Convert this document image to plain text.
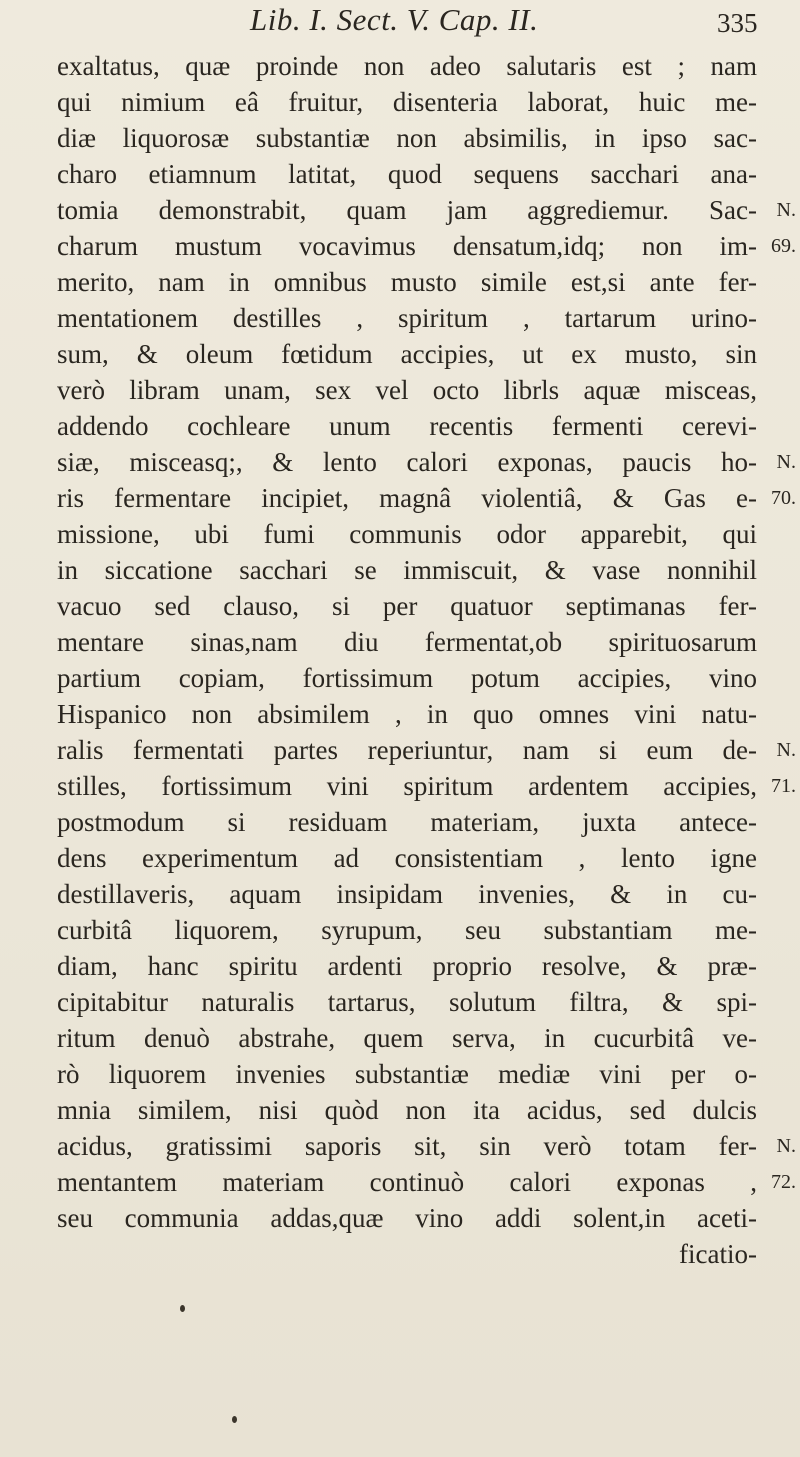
Lib. I. Sect. V. Cap. II.	335
exaltatus, quæ proinde non adeo salutaris est ; nam
qui nimium eâ fruitur, disenteria laborat, huic me-
diæ liquorosæ substantiæ non absimilis, in ipso sac-
charo etiamnum latitat, quod sequens sacchari ana-
tomia demonstrabit, quam jam aggrediemur. Sac-
charum mustum vocavimus densatum,idq; non im-
merito, nam in omnibus musto simile est,si ante fer-
mentationem destilles , spiritum , tartarum urino-
sum, & oleum fœtidum accipies, ut ex musto, sin
verò libram unam, sex vel octo librls aquæ misceas,
addendo cochleare unum recentis fermenti cerevi-
siæ, misceasq;, & lento calori exponas, paucis ho-
ris fermentare incipiet, magnâ violentiâ, & Gas e-
missione, ubi fumi communis odor apparebit, qui
in siccatione sacchari se immiscuit, & vase nonnihil
vacuo sed clauso, si per quatuor septimanas fer-
mentare sinas,nam diu fermentat,ob spirituosarum
partium copiam, fortissimum potum accipies, vino
Hispanico non absimilem , in quo omnes vini natu-
ralis fermentati partes reperiuntur, nam si eum de-
stilles, fortissimum vini spiritum ardentem accipies,
postmodum si residuam materiam, juxta antece-
dens experimentum ad consistentiam , lento igne
destillaveris, aquam insipidam invenies, & in cu-
curbitâ liquorem, syrupum, seu substantiam me-
diam, hanc spiritu ardenti proprio resolve, & præ-
cipitabitur naturalis tartarus, solutum filtra, & spi-
ritum denuò abstrahe, quem serva, in cucurbitâ ve-
rò liquorem invenies substantiæ mediæ vini per o-
mnia similem, nisi quòd non ita acidus, sed dulcis
acidus, gratissimi saporis sit, sin verò totam fer-
mentantem materiam continuò calori exponas ,
seu communia addas,quæ vino addi solent,in aceti-
ficatio-
N.
69.
N.
70.
N.
71.
N.
72.
